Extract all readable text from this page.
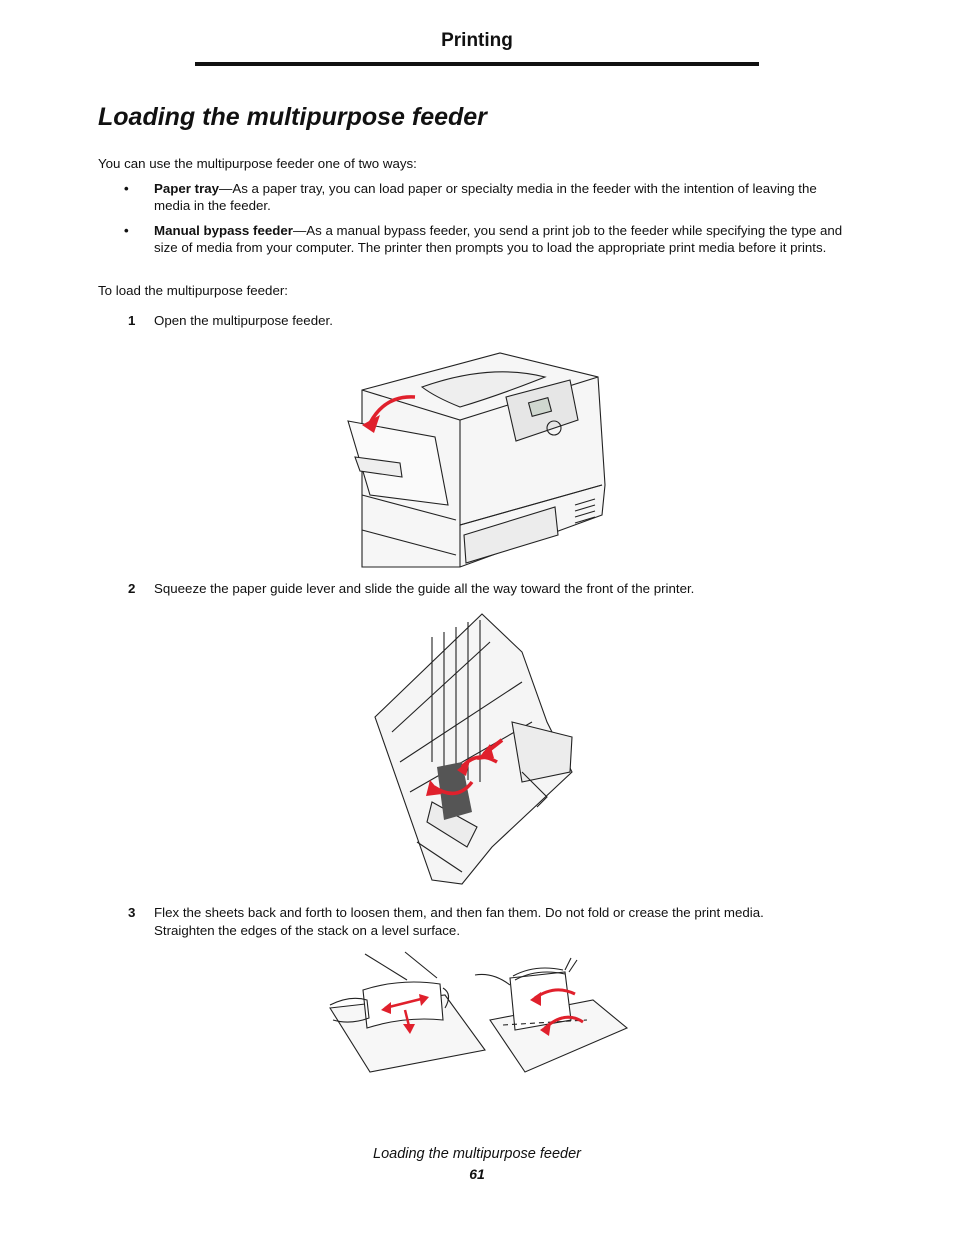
Printing
Loading the multipurpose feeder
You can use the multipurpose feeder one of two ways:
• Paper tray—As a paper tray, you can load paper or specialty media in the feeder with the intention of leaving the media in the feeder.
• Manual bypass feeder—As a manual bypass feeder, you send a print job to the feeder while specifying the type and size of media from your computer. The printer then prompts you to load the appropriate print media before it prints.
To load the multipurpose feeder:
1 Open the multipurpose feeder.
2 Squeeze the paper guide lever and slide the guide all the way toward the front of the printer.
3 Flex the sheets back and forth to loosen them, and then fan them. Do not fold or crease the print media. Straighten the edges of the stack on a level surface.
Loading the multipurpose feeder
61
